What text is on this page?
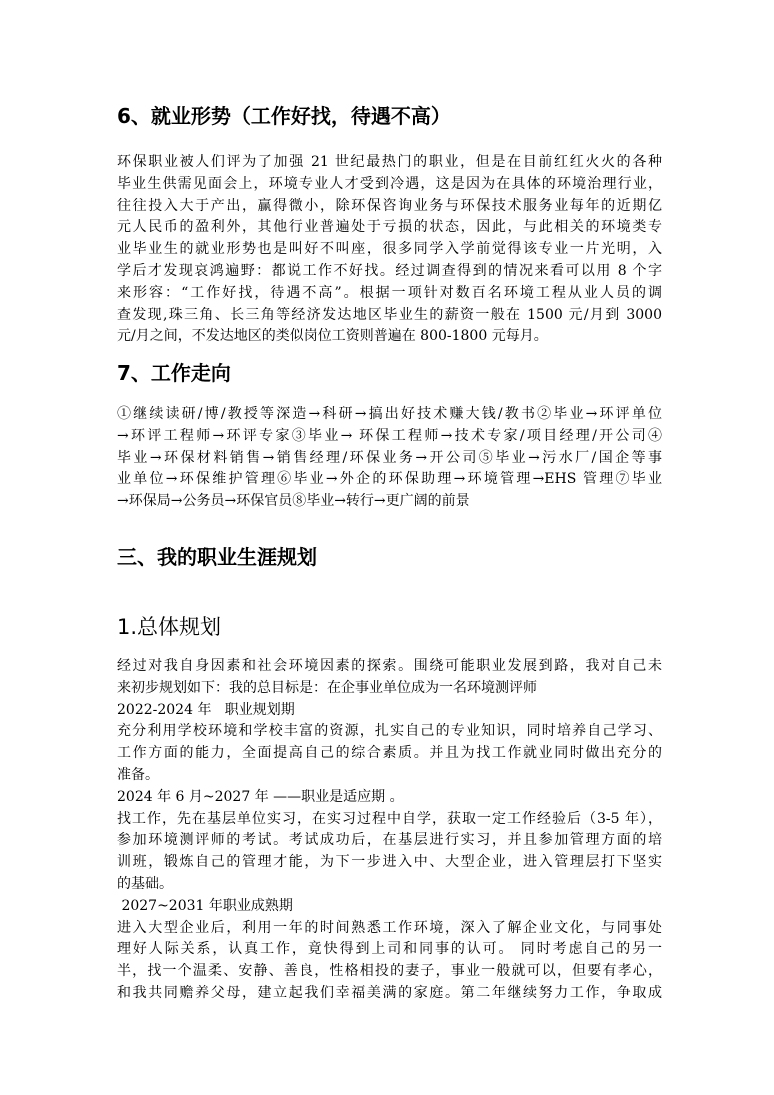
6、就业形势（工作好找，待遇不高）
环保职业被人们评为了加强 21 世纪最热门的职业，但是在目前红红火火的各种
毕业生供需见面会上，环境专业人才受到冷遇，这是因为在具体的环境治理行业，
往往投入大于产出，赢得微小，除环保咨询业务与环保技术服务业每年的近期亿
元人民币的盈利外，其他行业普遍处于亏损的状态，因此，与此相关的环境类专
业毕业生的就业形势也是叫好不叫座，很多同学入学前觉得该专业一片光明，入
学后才发现哀鸿遍野：都说工作不好找。经过调查得到的情况来看可以用 8 个字
来形容：“工作好找，待遇不高”。根据一项针对数百名环境工程从业人员的调
查发现,珠三角、长三角等经济发达地区毕业生的薪资一般在 1500 元/月到 3000
元/月之间，不发达地区的类似岗位工资则普遍在 800-1800 元每月。
7、工作走向
①继续读研/博/教授等深造→科研→搞出好技术赚大钱/教书②毕业→环评单位
→环评工程师→环评专家③毕业→ 环保工程师→技术专家/项目经理/开公司④
毕业→环保材料销售→销售经理/环保业务→开公司⑤毕业→污水厂/国企等事
业单位→环保维护管理⑥毕业→外企的环保助理→环境管理→EHS 管理⑦毕业
→环保局→公务员→环保官员⑧毕业→转行→更广阔的前景
三、我的职业生涯规划
1.总体规划
经过对我自身因素和社会环境因素的探索。围绕可能职业发展到路，我对自己未
来初步规划如下：我的总目标是：在企事业单位成为一名环境测评师
2022-2024 年   职业规划期
充分利用学校环境和学校丰富的资源，扎实自己的专业知识，同时培养自己学习、
工作方面的能力，全面提高自己的综合素质。并且为找工作就业同时做出充分的
准备。
2024 年 6 月~2027 年 ——职业是适应期 。
找工作，先在基层单位实习，在实习过程中自学，获取一定工作经验后（3-5 年），
参加环境测评师的考试。考试成功后，在基层进行实习，并且参加管理方面的培
训班，锻炼自己的管理才能，为下一步进入中、大型企业，进入管理层打下坚实
的基础。
2027~2031 年职业成熟期
进入大型企业后，利用一年的时间熟悉工作环境，深入了解企业文化，与同事处
理好人际关系，认真工作，竟快得到上司和同事的认可。 同时考虑自己的另一
半，找一个温柔、安静、善良，性格相投的妻子，事业一般就可以，但要有孝心，
和我共同赡养父母，建立起我们幸福美满的家庭。第二年继续努力工作，争取成
